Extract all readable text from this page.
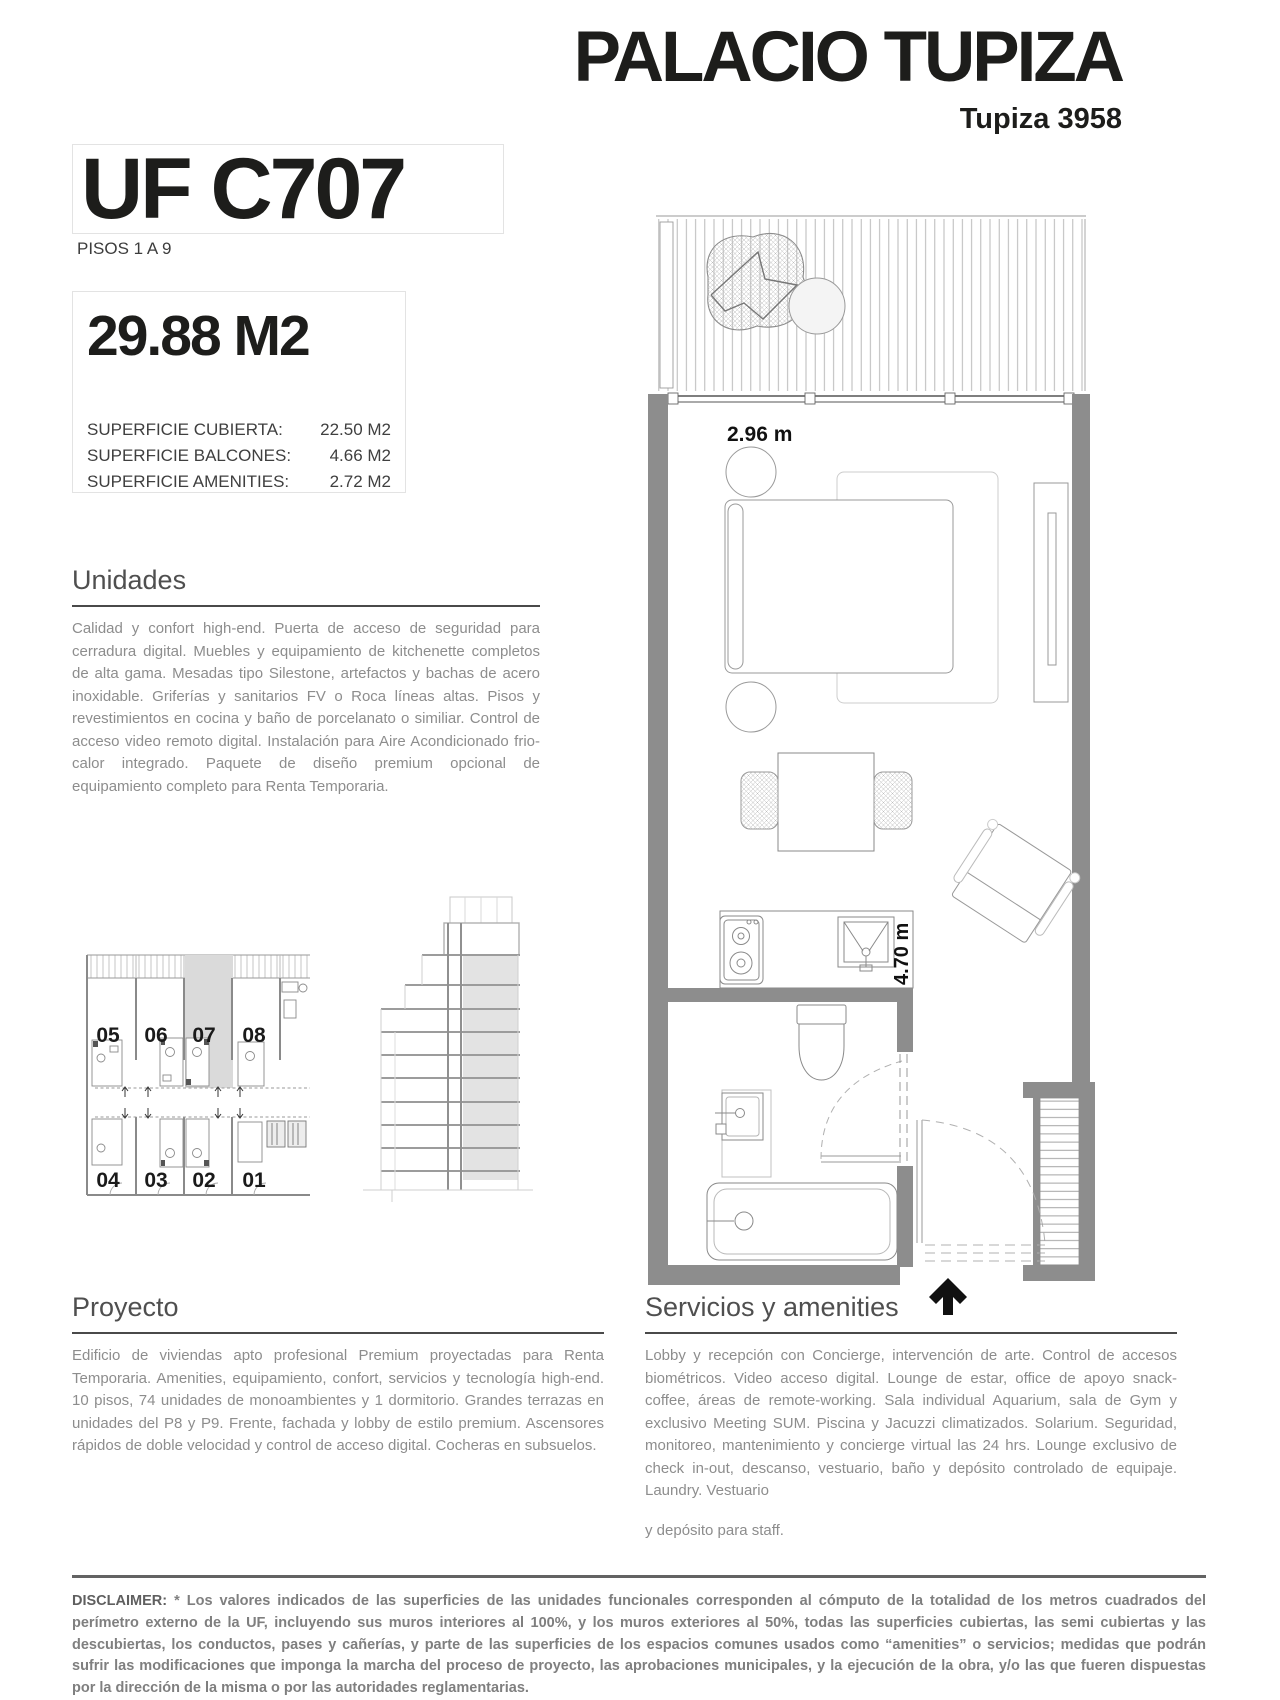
PALACIO TUPIZA
Tupiza 3958
UF C707
PISOS 1 A 9
29.88 M2
SUPERFICIE CUBIERTA: 22.50 M2
SUPERFICIE BALCONES: 4.66 M2
SUPERFICIE AMENITIES: 2.72 M2
Unidades

Calidad y confort high-end. Puerta de acceso de seguridad para cerradura digital. Muebles y equipamiento de kitchenette completos de alta gama. Mesadas tipo Silestone, artefactos y bachas de acero inoxidable. Griferías y sanitarios FV o Roca líneas altas. Pisos y revestimientos en cocina y baño de porcelanato o similiar. Control de acceso video remoto digital. Instalación para Aire Acondicionado frio-calor integrado. Paquete de diseño premium opcional de equipamiento completo para Renta Temporaria.

05 06 07 08
04 03 02 01
2.96 m
4.70 m
Proyecto

Edificio de viviendas apto profesional Premium proyectadas para Renta Temporaria. Amenities, equipamiento, confort, servicios y tecnología high-end. 10 pisos, 74 unidades de monoambientes y 1 dormitorio. Grandes terrazas en unidades del P8 y P9. Frente, fachada y lobby de estilo premium. Ascensores rápidos de doble velocidad y control de acceso digital. Cocheras en subsuelos.

Servicios y amenities

Lobby y recepción con Concierge, intervención de arte. Control de accesos biométricos. Video acceso digital. Lounge de estar, office de apoyo snack-coffee, áreas de remote-working. Sala individual Aquarium, sala de Gym y exclusivo Meeting SUM. Piscina y Jacuzzi climatizados. Solarium. Seguridad, monitoreo, mantenimiento y concierge virtual las 24 hrs. Lounge exclusivo de check in-out, descanso, vestuario, baño y depósito controlado de equipaje. Laundry. Vestuario

y depósito para staff.

DISCLAIMER: * Los valores indicados de las superficies de las unidades funcionales corresponden al cómputo de la totalidad de los metros cuadrados del perímetro externo de la UF, incluyendo sus muros interiores al 100%, y los muros exteriores al 50%, todas las superficies cubiertas, las semi cubiertas y las descubiertas, los conductos, pases y cañerías, y parte de las superficies de los espacios comunes usados como “amenities” o servicios; medidas que podrán sufrir las modificaciones que imponga la marcha del proceso de proyecto, las aprobaciones municipales, y la ejecución de la obra, y/o las que fueren dispuestas por la dirección de la misma o por las autoridades reglamentarias.
